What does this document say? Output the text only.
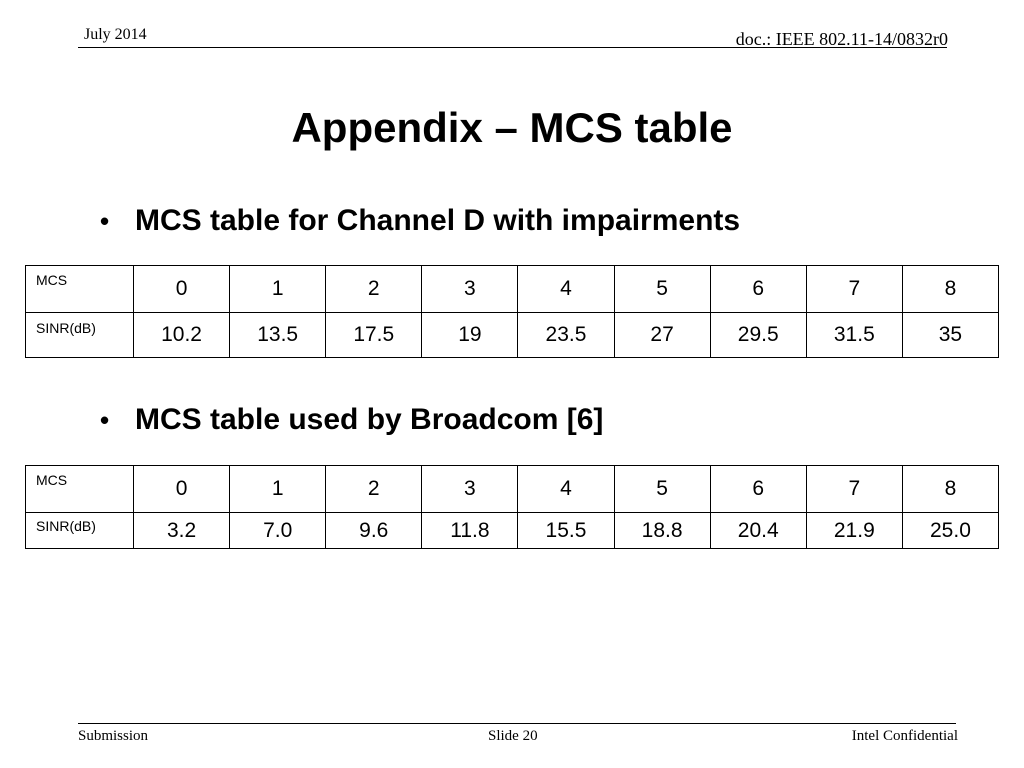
July 2014	doc.: IEEE 802.11-14/0832r0
Appendix – MCS table
• MCS table for Channel D with impairments
MCS	0	1	2	3	4	5	6	7	8
SINR(dB)	10.2	13.5	17.5	19	23.5	27	29.5	31.5	35
• MCS table used by Broadcom [6]
MCS	0	1	2	3	4	5	6	7	8
SINR(dB)	3.2	7.0	9.6	11.8	15.5	18.8	20.4	21.9	25.0
Submission	Slide 20	Intel Confidential
